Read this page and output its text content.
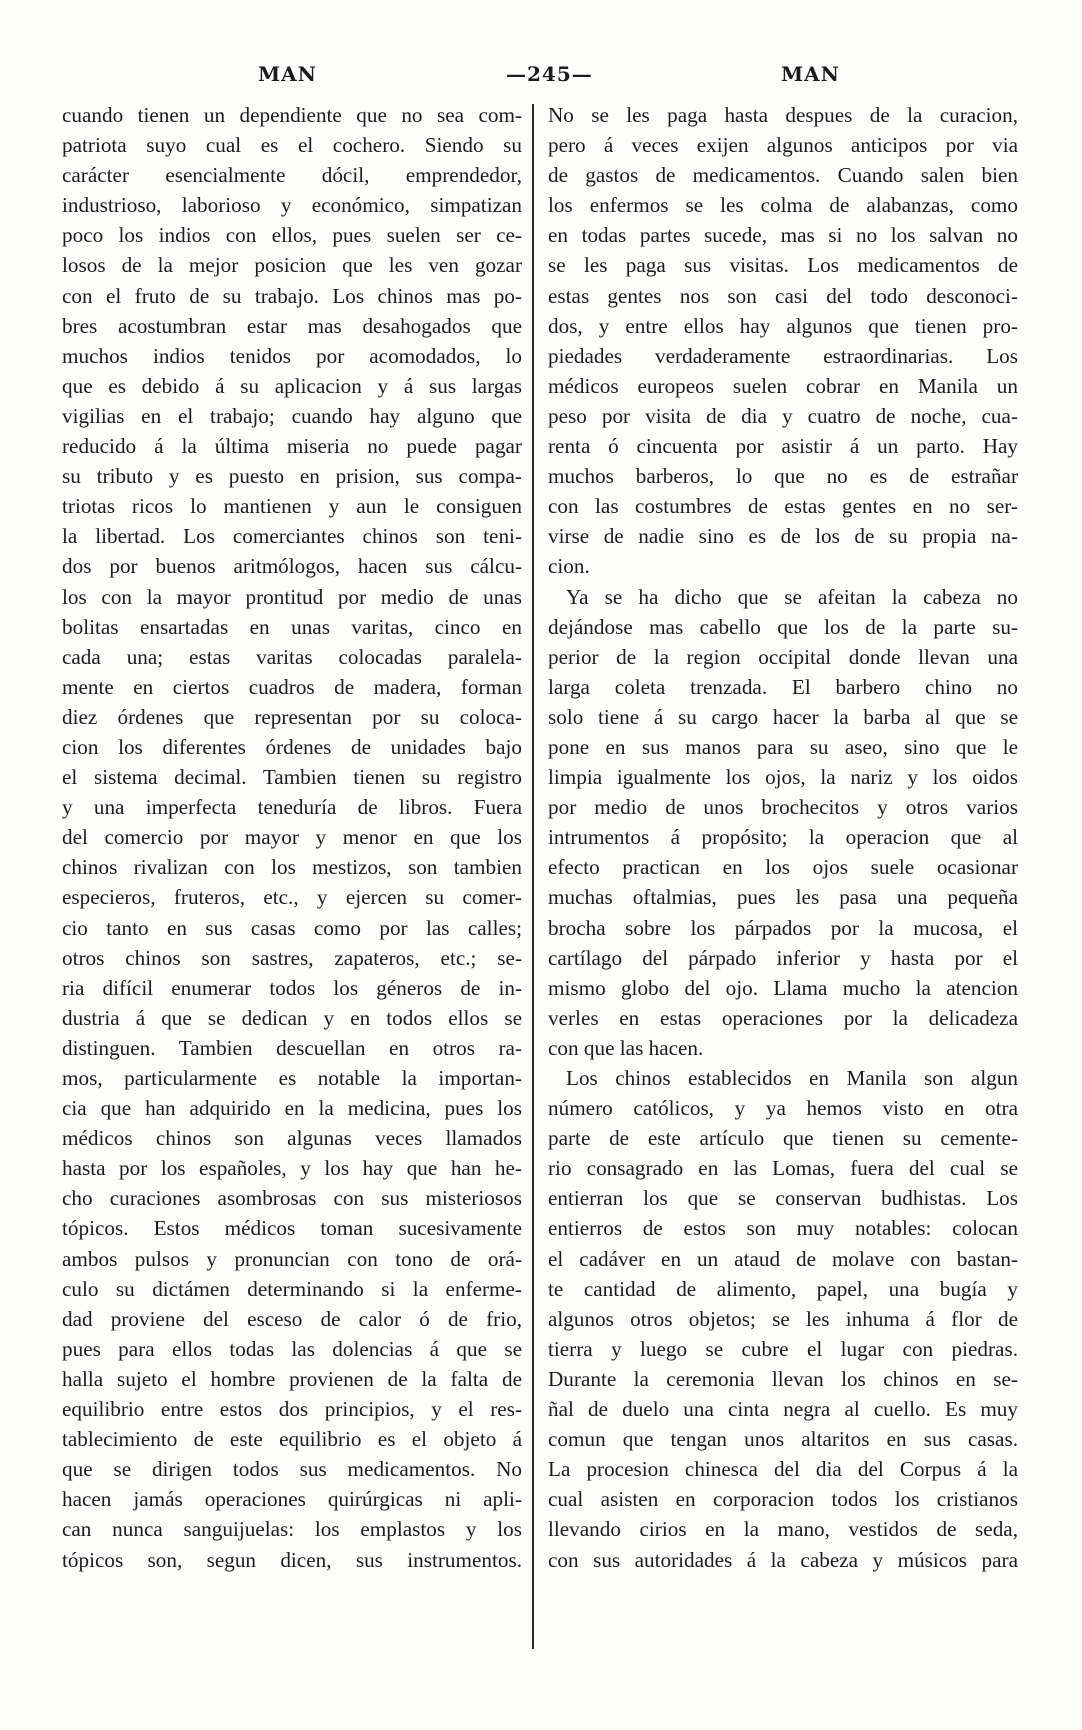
MAN	—245—	MAN
cuando tienen un dependiente que no sea com-
patriota suyo cual es el cochero. Siendo su
carácter esencialmente dócil, emprendedor,
industrioso, laborioso y económico, simpatizan
poco los indios con ellos, pues suelen ser ce-
losos de la mejor posicion que les ven gozar
con el fruto de su trabajo. Los chinos mas po-
bres acostumbran estar mas desahogados que
muchos indios tenidos por acomodados, lo
que es debido á su aplicacion y á sus largas
vigilias en el trabajo; cuando hay alguno que
reducido á la última miseria no puede pagar
su tributo y es puesto en prision, sus compa-
triotas ricos lo mantienen y aun le consiguen
la libertad. Los comerciantes chinos son teni-
dos por buenos aritmólogos, hacen sus cálcu-
los con la mayor prontitud por medio de unas
bolitas ensartadas en unas varitas, cinco en
cada una; estas varitas colocadas paralela-
mente en ciertos cuadros de madera, forman
diez órdenes que representan por su coloca-
cion los diferentes órdenes de unidades bajo
el sistema decimal. Tambien tienen su registro
y una imperfecta teneduría de libros. Fuera
del comercio por mayor y menor en que los
chinos rivalizan con los mestizos, son tambien
especieros, fruteros, etc., y ejercen su comer-
cio tanto en sus casas como por las calles;
otros chinos son sastres, zapateros, etc.; se-
ria difícil enumerar todos los géneros de in-
dustria á que se dedican y en todos ellos se
distinguen. Tambien descuellan en otros ra-
mos, particularmente es notable la importan-
cia que han adquirido en la medicina, pues los
médicos chinos son algunas veces llamados
hasta por los españoles, y los hay que han he-
cho curaciones asombrosas con sus misteriosos
tópicos. Estos médicos toman sucesivamente
ambos pulsos y pronuncian con tono de orá-
culo su dictámen determinando si la enferme-
dad proviene del esceso de calor ó de frio,
pues para ellos todas las dolencias á que se
halla sujeto el hombre provienen de la falta de
equilibrio entre estos dos principios, y el res-
tablecimiento de este equilibrio es el objeto á
que se dirigen todos sus medicamentos. No
hacen jamás operaciones quirúrgicas ni apli-
can nunca sanguijuelas: los emplastos y los
tópicos son, segun dicen, sus instrumentos.
No se les paga hasta despues de la curacion,
pero á veces exijen algunos anticipos por via
de gastos de medicamentos. Cuando salen bien
los enfermos se les colma de alabanzas, como
en todas partes sucede, mas si no los salvan no
se les paga sus visitas. Los medicamentos de
estas gentes nos son casi del todo desconoci-
dos, y entre ellos hay algunos que tienen pro-
piedades verdaderamente estraordinarias. Los
médicos europeos suelen cobrar en Manila un
peso por visita de dia y cuatro de noche, cua-
renta ó cincuenta por asistir á un parto. Hay
muchos barberos, lo que no es de estrañar
con las costumbres de estas gentes en no ser-
virse de nadie sino es de los de su propia na-
cion.
Ya se ha dicho que se afeitan la cabeza no
dejándose mas cabello que los de la parte su-
perior de la region occipital donde llevan una
larga coleta trenzada. El barbero chino no
solo tiene á su cargo hacer la barba al que se
pone en sus manos para su aseo, sino que le
limpia igualmente los ojos, la nariz y los oidos
por medio de unos brochecitos y otros varios
intrumentos á propósito; la operacion que al
efecto practican en los ojos suele ocasionar
muchas oftalmias, pues les pasa una pequeña
brocha sobre los párpados por la mucosa, el
cartílago del párpado inferior y hasta por el
mismo globo del ojo. Llama mucho la atencion
verles en estas operaciones por la delicadeza
con que las hacen.
Los chinos establecidos en Manila son algun
número católicos, y ya hemos visto en otra
parte de este artículo que tienen su cemente-
rio consagrado en las Lomas, fuera del cual se
entierran los que se conservan budhistas. Los
entierros de estos son muy notables: colocan
el cadáver en un ataud de molave con bastan-
te cantidad de alimento, papel, una bugía y
algunos otros objetos; se les inhuma á flor de
tierra y luego se cubre el lugar con piedras.
Durante la ceremonia llevan los chinos en se-
ñal de duelo una cinta negra al cuello. Es muy
comun que tengan unos altaritos en sus casas.
La procesion chinesca del dia del Corpus á la
cual asisten en corporacion todos los cristianos
llevando cirios en la mano, vestidos de seda,
con sus autoridades á la cabeza y músicos para
